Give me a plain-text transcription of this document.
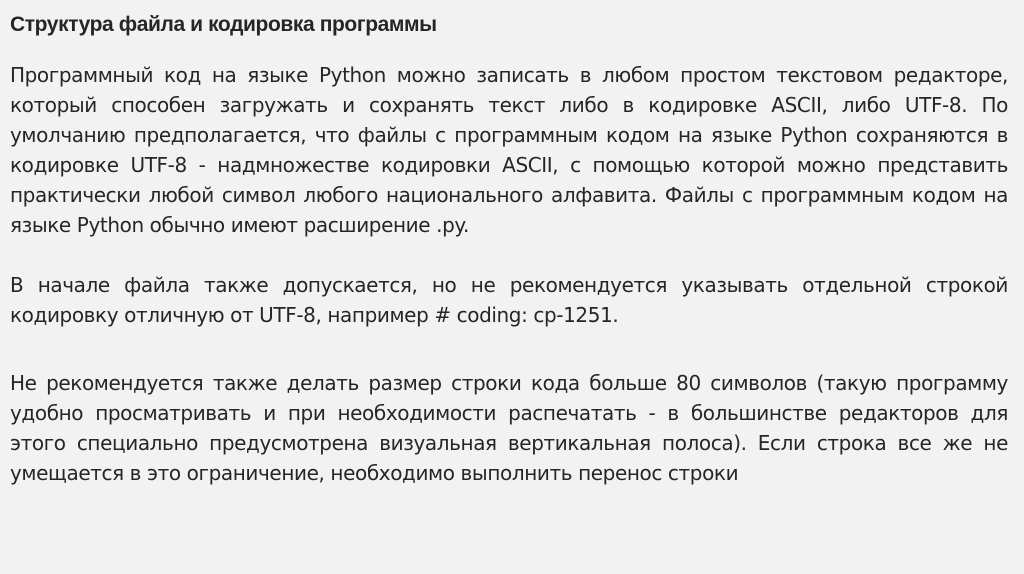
Структура файла и кодировка программы

Программный код на языке Python можно записать в любом простом текстовом редакторе, который способен загружать и сохранять текст либо в кодировке ASCII, либо UTF-8. По умолчанию предполагается, что файлы с программным кодом на языке Python сохраняются в кодировке UTF-8 - надмножестве кодировки ASCII, с помощью которой можно представить практически любой символ любого национального алфавита. Файлы с программным кодом на языке Python обычно имеют расширение .py.

В начале файла также допускается, но не рекомендуется указывать отдельной строкой кодировку отличную от UTF-8, например # coding: cp-1251.

Не рекомендуется также делать размер строки кода больше 80 символов (такую программу удобно просматривать и при необходимости распечатать - в большинстве редакторов для этого специально предусмотрена визуальная вертикальная полоса). Если строка все же не умещается в это ограничение, необходимо выполнить перенос строки
